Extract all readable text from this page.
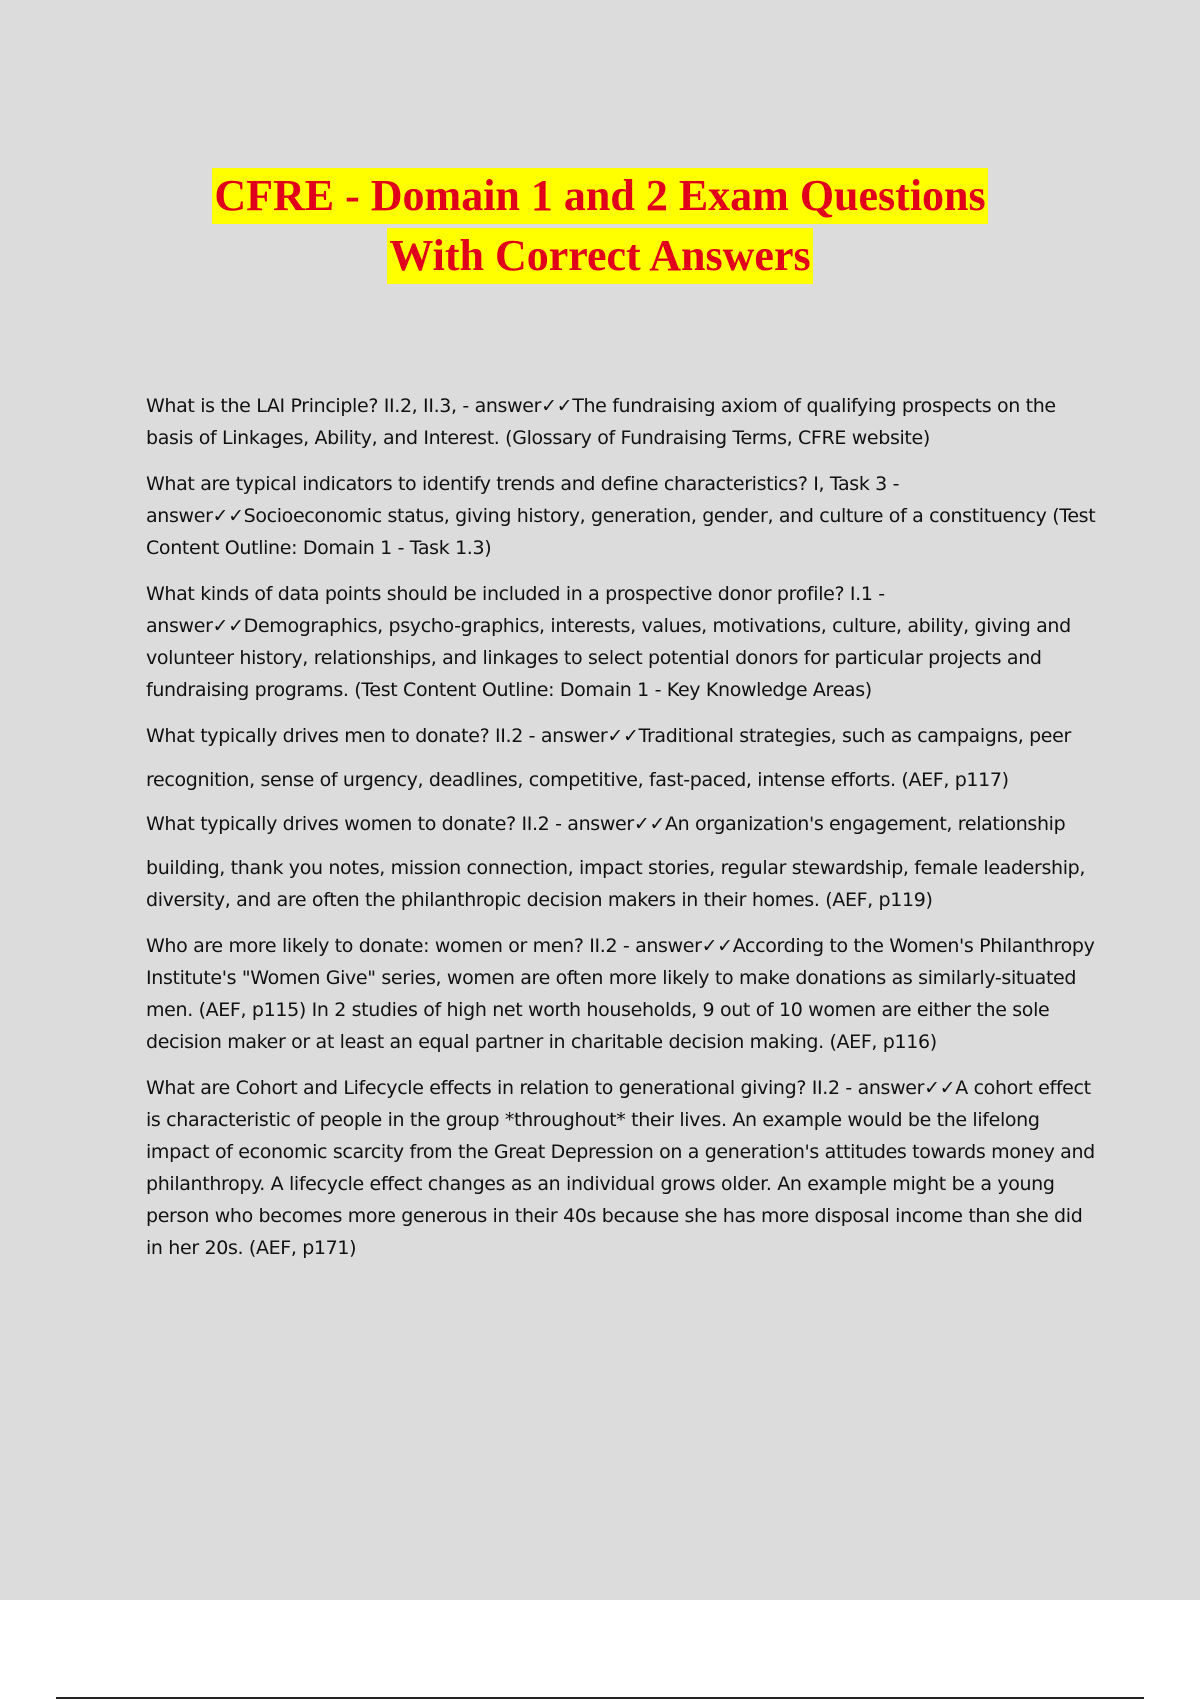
CFRE - Domain 1 and 2 Exam Questions
With Correct Answers

What is the LAI Principle? II.2, II.3, - answer✓✓The fundraising axiom of qualifying prospects on the basis of Linkages, Ability, and Interest. (Glossary of Fundraising Terms, CFRE website)

What are typical indicators to identify trends and define characteristics? I, Task 3 - answer✓✓Socioeconomic status, giving history, generation, gender, and culture of a constituency (Test Content Outline: Domain 1 - Task 1.3)

What kinds of data points should be included in a prospective donor profile? I.1 - answer✓✓Demographics, psycho-graphics, interests, values, motivations, culture, ability, giving and volunteer history, relationships, and linkages to select potential donors for particular projects and fundraising programs. (Test Content Outline: Domain 1 - Key Knowledge Areas)

What typically drives men to donate? II.2 - answer✓✓Traditional strategies, such as campaigns, peer

recognition, sense of urgency, deadlines, competitive, fast-paced, intense efforts. (AEF, p117)

What typically drives women to donate? II.2 - answer✓✓An organization's engagement, relationship

building, thank you notes, mission connection, impact stories, regular stewardship, female leadership, diversity, and are often the philanthropic decision makers in their homes. (AEF, p119)

Who are more likely to donate: women or men? II.2 - answer✓✓According to the Women's Philanthropy Institute's "Women Give" series, women are often more likely to make donations as similarly-situated men. (AEF, p115) In 2 studies of high net worth households, 9 out of 10 women are either the sole decision maker or at least an equal partner in charitable decision making. (AEF, p116)

What are Cohort and Lifecycle effects in relation to generational giving? II.2 - answer✓✓A cohort effect is characteristic of people in the group *throughout* their lives. An example would be the lifelong impact of economic scarcity from the Great Depression on a generation's attitudes towards money and philanthropy. A lifecycle effect changes as an individual grows older. An example might be a young person who becomes more generous in their 40s because she has more disposal income than she did in her 20s. (AEF, p171)
